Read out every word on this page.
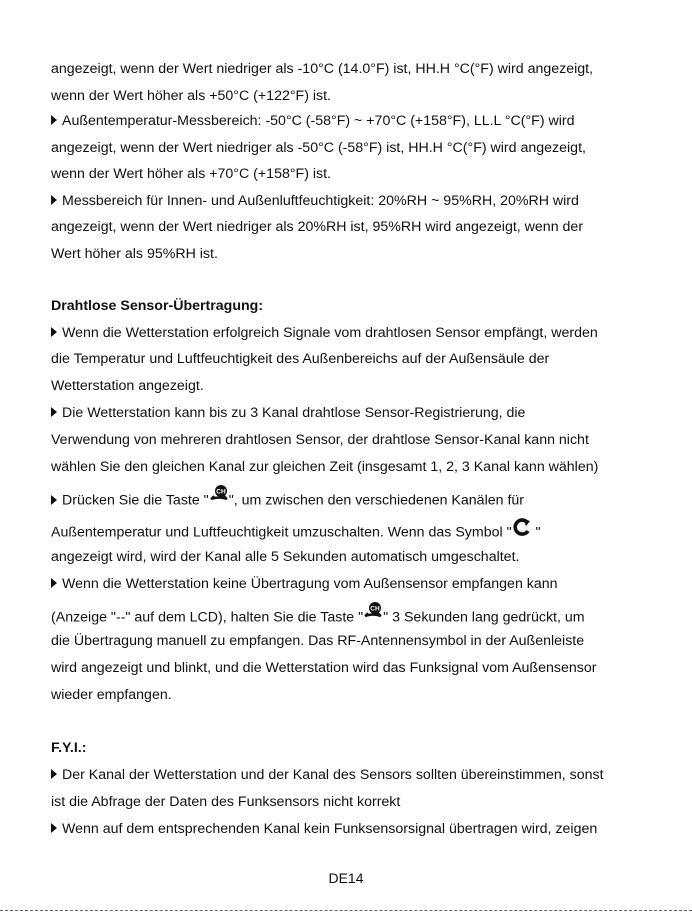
angezeigt, wenn der Wert niedriger als -10°C (14.0°F) ist, HH.H °C(°F) wird angezeigt,
wenn der Wert höher als +50°C (+122°F) ist.
Außentemperatur-Messbereich: -50°C (-58°F) ~ +70°C (+158°F), LL.L °C(°F) wird
angezeigt, wenn der Wert niedriger als -50°C (-58°F) ist, HH.H °C(°F) wird angezeigt,
wenn der Wert höher als +70°C (+158°F) ist.
Messbereich für Innen- und Außenluftfeuchtigkeit: 20%RH ~ 95%RH, 20%RH wird
angezeigt, wenn der Wert niedriger als 20%RH ist, 95%RH wird angezeigt, wenn der
Wert höher als 95%RH ist.
Drahtlose Sensor-Übertragung:
Wenn die Wetterstation erfolgreich Signale vom drahtlosen Sensor empfängt, werden
die Temperatur und Luftfeuchtigkeit des Außenbereichs auf der Außensäule der
Wetterstation angezeigt.
Die Wetterstation kann bis zu 3 Kanal drahtlose Sensor-Registrierung, die
Verwendung von mehreren drahtlosen Sensor, der drahtlose Sensor-Kanal kann nicht
wählen Sie den gleichen Kanal zur gleichen Zeit (insgesamt 1, 2, 3 Kanal kann wählen)
Drücken Sie die Taste "
CH
", um zwischen den verschiedenen Kanälen für
Außentemperatur und Luftfeuchtigkeit umzuschalten. Wenn das Symbol " "
angezeigt wird, wird der Kanal alle 5 Sekunden automatisch umgeschaltet.
Wenn die Wetterstation keine Übertragung vom Außensensor empfangen kann
(Anzeige "--" auf dem LCD), halten Sie die Taste "
CH
" 3 Sekunden lang gedrückt, um
die Übertragung manuell zu empfangen. Das RF-Antennensymbol in der Außenleiste
wird angezeigt und blinkt, und die Wetterstation wird das Funksignal vom Außensensor
wieder empfangen.
F.Y.I.:
Der Kanal der Wetterstation und der Kanal des Sensors sollten übereinstimmen, sonst
ist die Abfrage der Daten des Funksensors nicht korrekt
Wenn auf dem entsprechenden Kanal kein Funksensorsignal übertragen wird, zeigen
DE14
